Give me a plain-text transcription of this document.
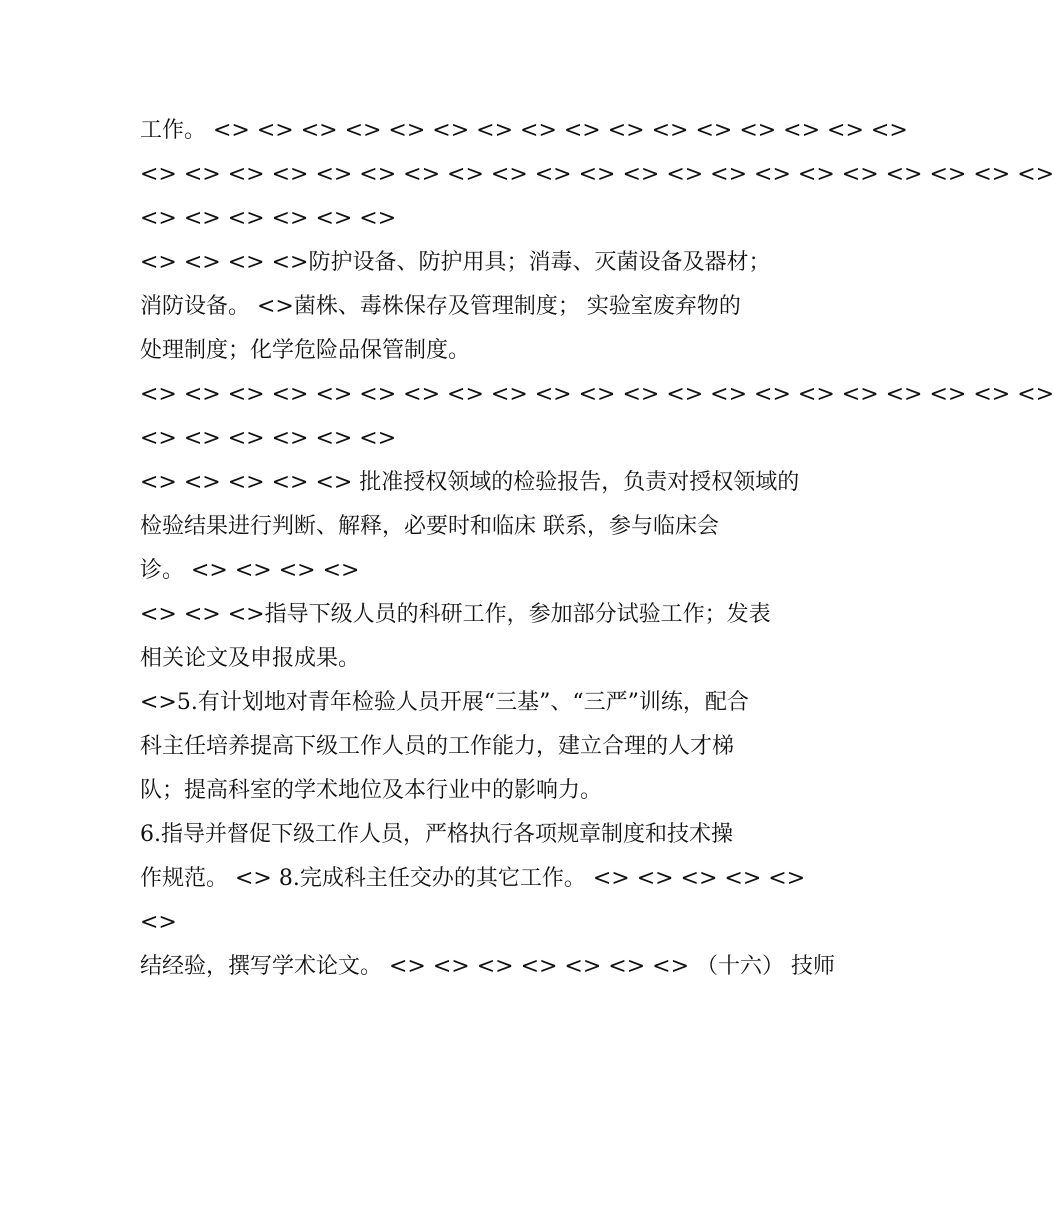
工作。 <> <> <> <> <> <> <> <> <> <> <> <> <> <> <> <>
<> <> <> <> <> <> <> <> <> <> <> <> <> <> <> <> <> <> <> <> <>
<> <> <> <> <> <>
<> <> <> <>防护设备、防护用具；消毒、灭菌设备及器材；
消防设备。 <>菌株、毒株保存及管理制度； 实验室废弃物的
处理制度；化学危险品保管制度。
<> <> <> <> <> <> <> <> <> <> <> <> <> <> <> <> <> <> <> <> <>
<> <> <> <> <> <>
<> <> <> <> <> 批准授权领域的检验报告，负责对授权领域的
检验结果进行判断、解释，必要时和临床 联系，参与临床会
诊。 <> <> <> <>
<> <> <>指导下级人员的科研工作，参加部分试验工作；发表
相关论文及申报成果。
<>5.有计划地对青年检验人员开展“三基”、“三严”训练，配合
科主任培养提高下级工作人员的工作能力，建立合理的人才梯
队；提高科室的学术地位及本行业中的影响力。
6.指导并督促下级工作人员，严格执行各项规章制度和技术操
作规范。 <> 8.完成科主任交办的其它工作。 <> <> <> <> <>
<>
结经验，撰写学术论文。 <> <> <> <> <> <> <> （十六） 技师
